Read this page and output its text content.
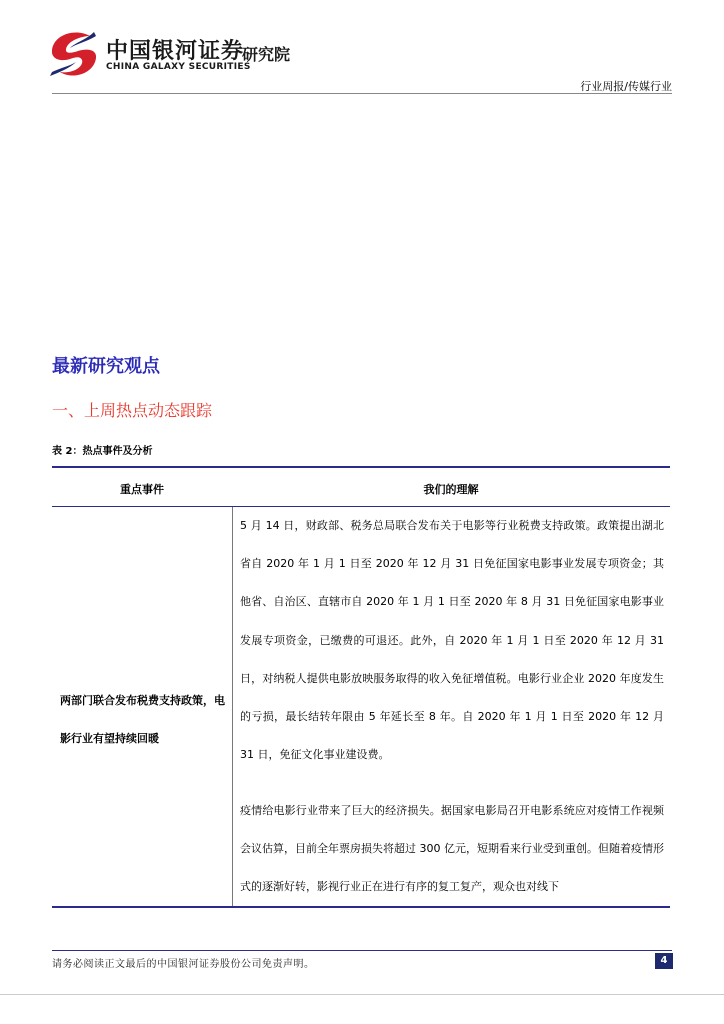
中国银河证券
研究院
CHINA GALAXY SECURITIES
行业周报/传媒行业
最新研究观点
一、上周热点动态跟踪
表 2：热点事件及分析
重点事件	我们的理解
两部门联合发布税费支持政策，电影行业有望持续回暖
5 月 14 日，财政部、税务总局联合发布关于电影等行业税费支持政策。政策提出湖北省自 2020 年 1 月 1 日至 2020 年 12 月 31 日免征国家电影事业发展专项资金；其他省、自治区、直辖市自 2020 年 1 月 1 日至 2020 年 8 月 31 日免征国家电影事业发展专项资金，已缴费的可退还。此外，自 2020 年 1 月 1 日至 2020 年 12 月 31 日，对纳税人提供电影放映服务取得的收入免征增值税。电影行业企业 2020 年度发生的亏损，最长结转年限由 5 年延长至 8 年。自 2020 年 1 月 1 日至 2020 年 12 月 31 日，免征文化事业建设费。
疫情给电影行业带来了巨大的经济损失。据国家电影局召开电影系统应对疫情工作视频会议估算，目前全年票房损失将超过 300 亿元，短期看来行业受到重创。但随着疫情形式的逐渐好转，影视行业正在进行有序的复工复产，观众也对线下
请务必阅读正文最后的中国银河证券股份公司免责声明。	4
